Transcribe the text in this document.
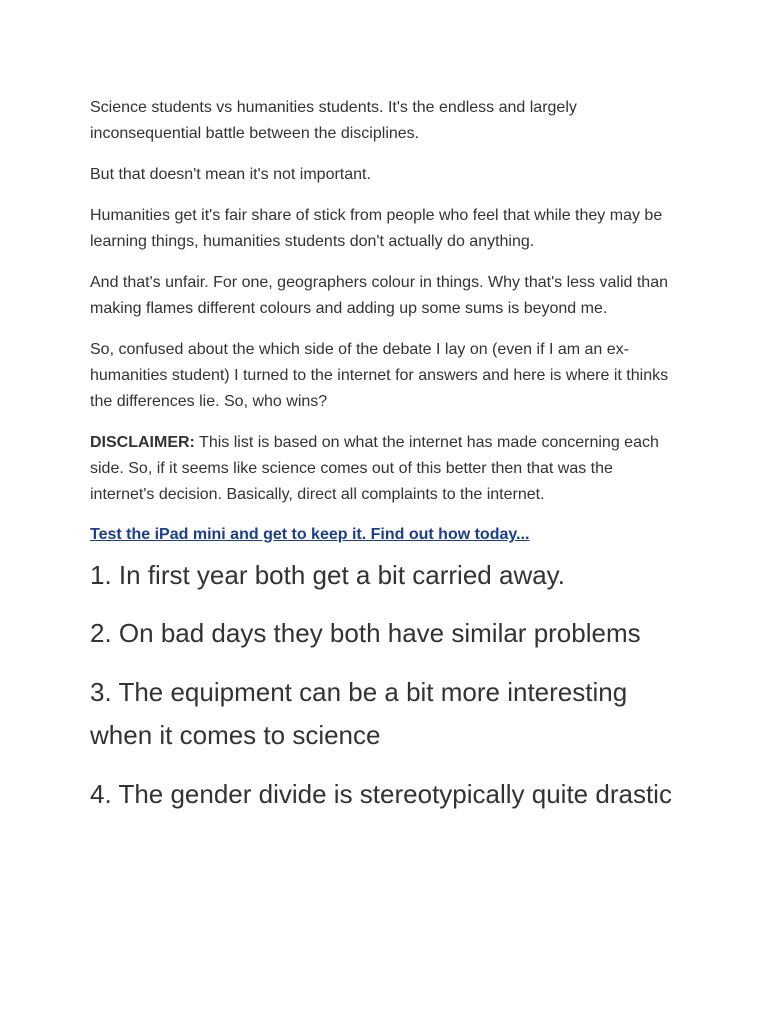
Science students vs humanities students. It's the endless and largely inconsequential battle between the disciplines.

But that doesn't mean it's not important.

Humanities get it's fair share of stick from people who feel that while they may be learning things, humanities students don't actually do anything.

And that's unfair. For one, geographers colour in things. Why that's less valid than making flames different colours and adding up some sums is beyond me.

So, confused about the which side of the debate I lay on (even if I am an ex-humanities student) I turned to the internet for answers and here is where it thinks the differences lie. So, who wins?

DISCLAIMER: This list is based on what the internet has made concerning each side. So, if it seems like science comes out of this better then that was the internet's decision. Basically, direct all complaints to the internet.

Test the iPad mini and get to keep it. Find out how today...
1. In first year both get a bit carried away.
2. On bad days they both have similar problems
3. The equipment can be a bit more interesting when it comes to science
4. The gender divide is stereotypically quite drastic
